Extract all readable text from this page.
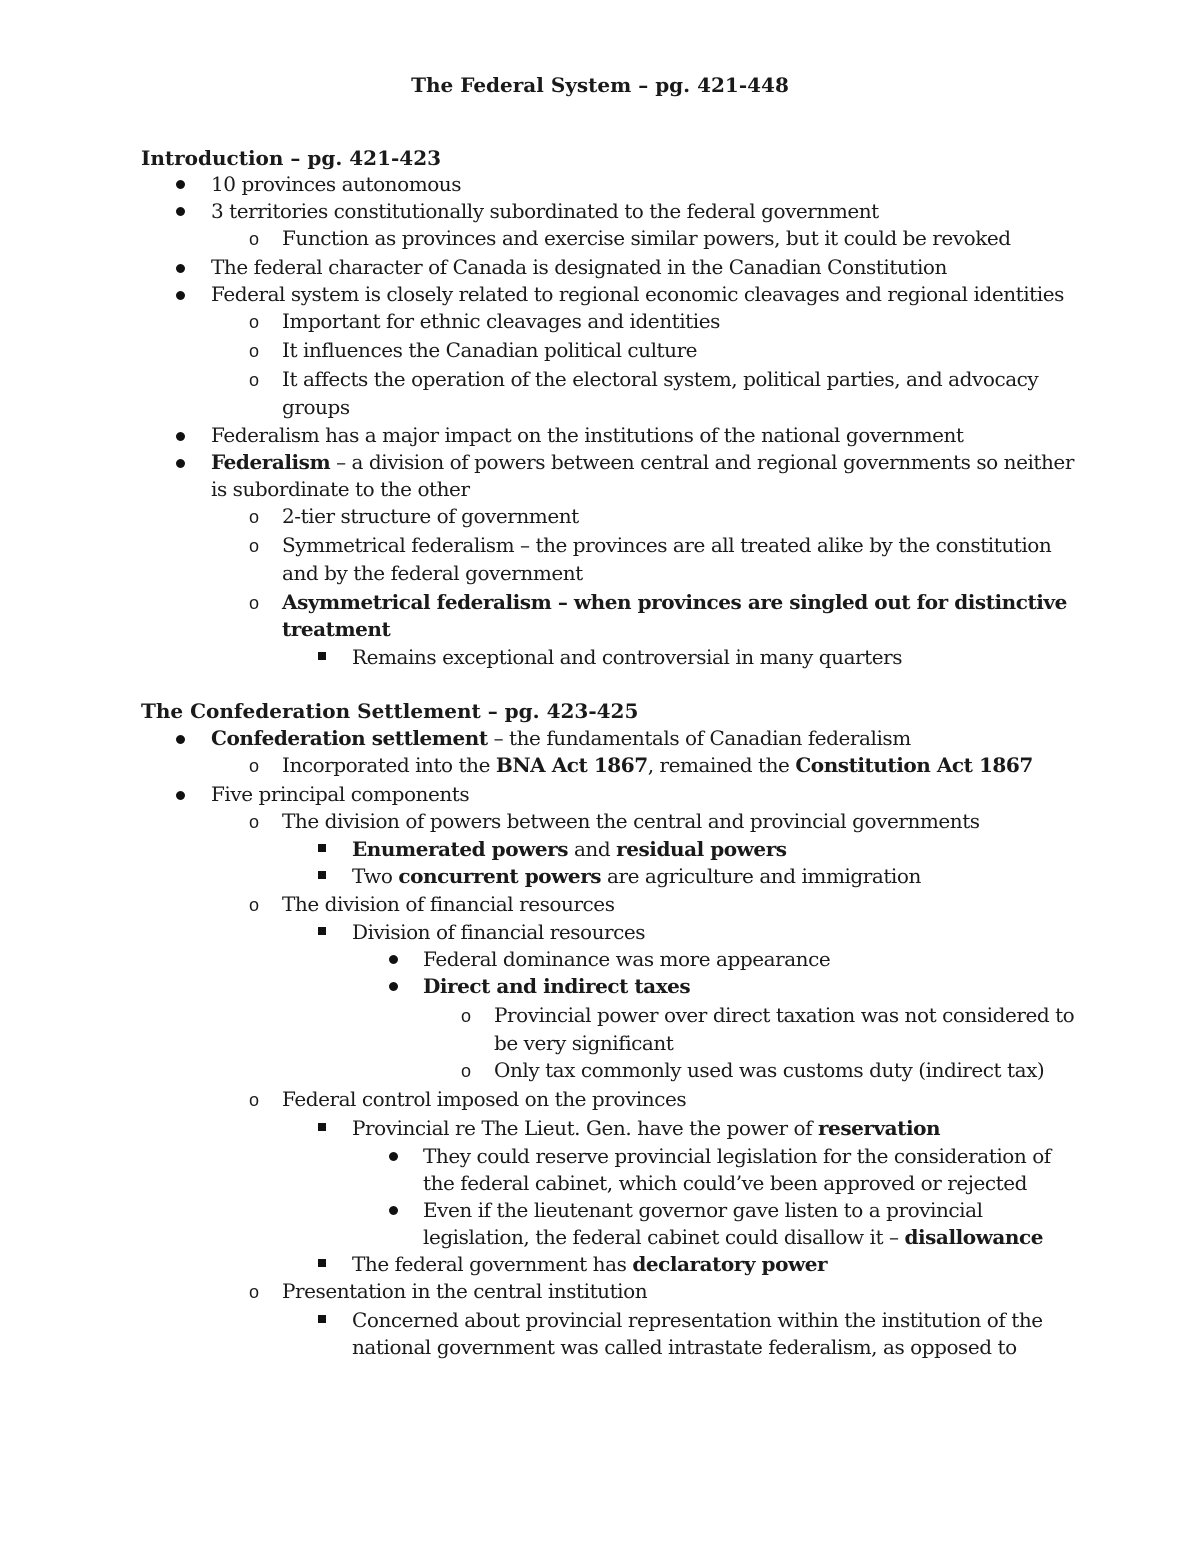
The Federal System – pg. 421-448
Introduction – pg. 421-423
10 provinces autonomous
3 territories constitutionally subordinated to the federal government
o Function as provinces and exercise similar powers, but it could be revoked
The federal character of Canada is designated in the Canadian Constitution
Federal system is closely related to regional economic cleavages and regional identities
o Important for ethnic cleavages and identities
o It influences the Canadian political culture
o It affects the operation of the electoral system, political parties, and advocacy
groups
Federalism has a major impact on the institutions of the national government
Federalism – a division of powers between central and regional governments so neither
is subordinate to the other
o 2-tier structure of government
o Symmetrical federalism – the provinces are all treated alike by the constitution
and by the federal government
o Asymmetrical federalism – when provinces are singled out for distinctive
treatment
Remains exceptional and controversial in many quarters
The Confederation Settlement – pg. 423-425
Confederation settlement – the fundamentals of Canadian federalism
o Incorporated into the BNA Act 1867, remained the Constitution Act 1867
Five principal components
o The division of powers between the central and provincial governments
Enumerated powers and residual powers
Two concurrent powers are agriculture and immigration
o The division of financial resources
Division of financial resources
Federal dominance was more appearance
Direct and indirect taxes
o Provincial power over direct taxation was not considered to
be very significant
o Only tax commonly used was customs duty (indirect tax)
o Federal control imposed on the provinces
Provincial re The Lieut. Gen. have the power of reservation
They could reserve provincial legislation for the consideration of
the federal cabinet, which could’ve been approved or rejected
Even if the lieutenant governor gave listen to a provincial
legislation, the federal cabinet could disallow it – disallowance
The federal government has declaratory power
o Presentation in the central institution
Concerned about provincial representation within the institution of the
national government was called intrastate federalism, as opposed to
